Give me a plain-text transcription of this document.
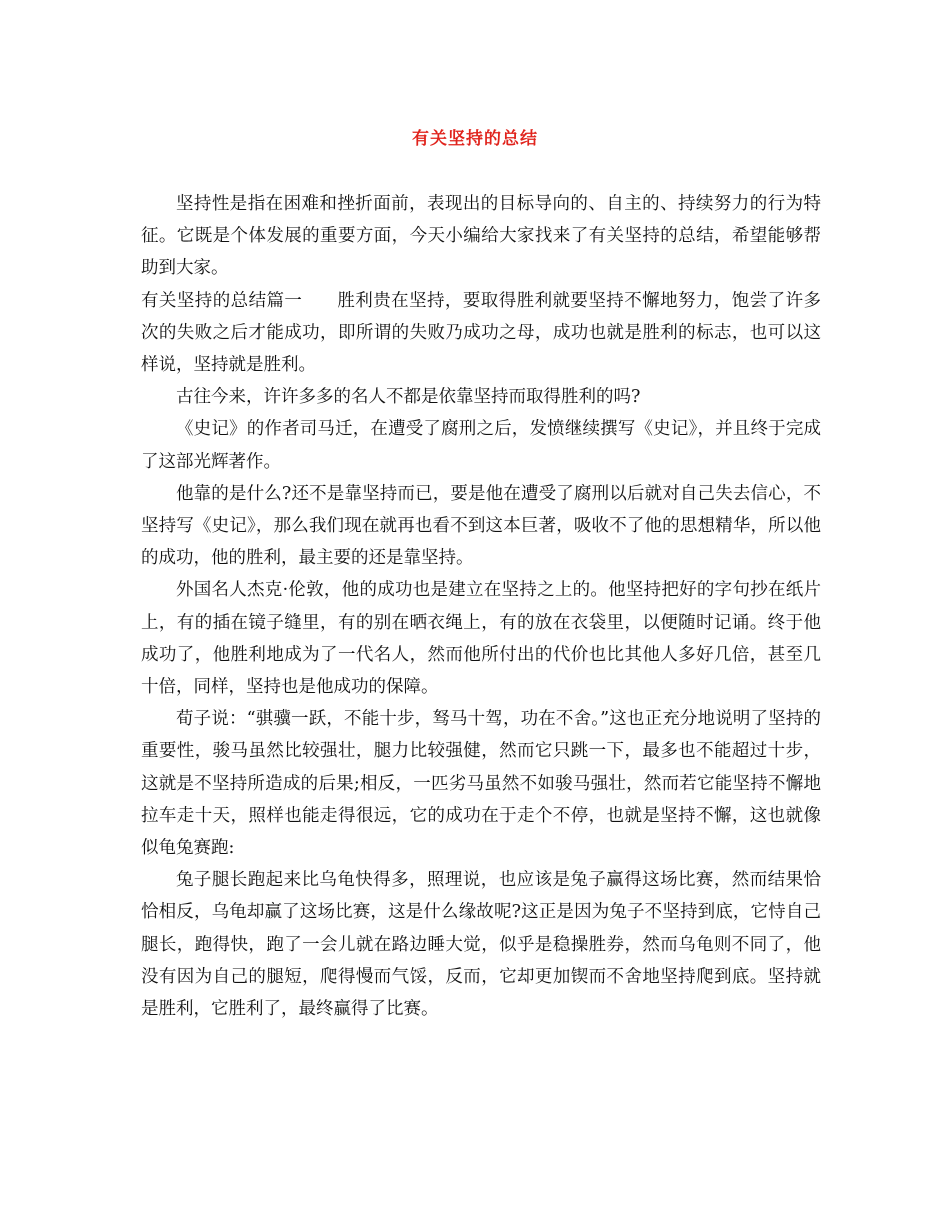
有关坚持的总结

坚持性是指在困难和挫折面前，表现出的目标导向的、自主的、持续努力的行为特征。它既是个体发展的重要方面，今天小编给大家找来了有关坚持的总结，希望能够帮助到大家。

有关坚持的总结篇一 胜利贵在坚持，要取得胜利就要坚持不懈地努力，饱尝了许多次的失败之后才能成功，即所谓的失败乃成功之母，成功也就是胜利的标志，也可以这样说，坚持就是胜利。

古往今来，许许多多的名人不都是依靠坚持而取得胜利的吗?

《史记》的作者司马迁，在遭受了腐刑之后，发愤继续撰写《史记》，并且终于完成了这部光辉著作。

他靠的是什么?还不是靠坚持而已，要是他在遭受了腐刑以后就对自己失去信心，不坚持写《史记》，那么我们现在就再也看不到这本巨著，吸收不了他的思想精华，所以他的成功，他的胜利，最主要的还是靠坚持。

外国名人杰克·伦敦，他的成功也是建立在坚持之上的。他坚持把好的字句抄在纸片上，有的插在镜子缝里，有的别在晒衣绳上，有的放在衣袋里，以便随时记诵。终于他成功了，他胜利地成为了一代名人，然而他所付出的代价也比其他人多好几倍，甚至几十倍，同样，坚持也是他成功的保障。

荀子说：“骐骥一跃，不能十步，驽马十驾，功在不舍。”这也正充分地说明了坚持的重要性，骏马虽然比较强壮，腿力比较强健，然而它只跳一下，最多也不能超过十步，这就是不坚持所造成的后果;相反，一匹劣马虽然不如骏马强壮，然而若它能坚持不懈地拉车走十天，照样也能走得很远，它的成功在于走个不停，也就是坚持不懈，这也就像似龟兔赛跑:

兔子腿长跑起来比乌龟快得多，照理说，也应该是兔子赢得这场比赛，然而结果恰恰相反，乌龟却赢了这场比赛，这是什么缘故呢?这正是因为兔子不坚持到底，它恃自己腿长，跑得快，跑了一会儿就在路边睡大觉，似乎是稳操胜券，然而乌龟则不同了，他没有因为自己的腿短，爬得慢而气馁，反而，它却更加锲而不舍地坚持爬到底。坚持就是胜利，它胜利了，最终赢得了比赛。
